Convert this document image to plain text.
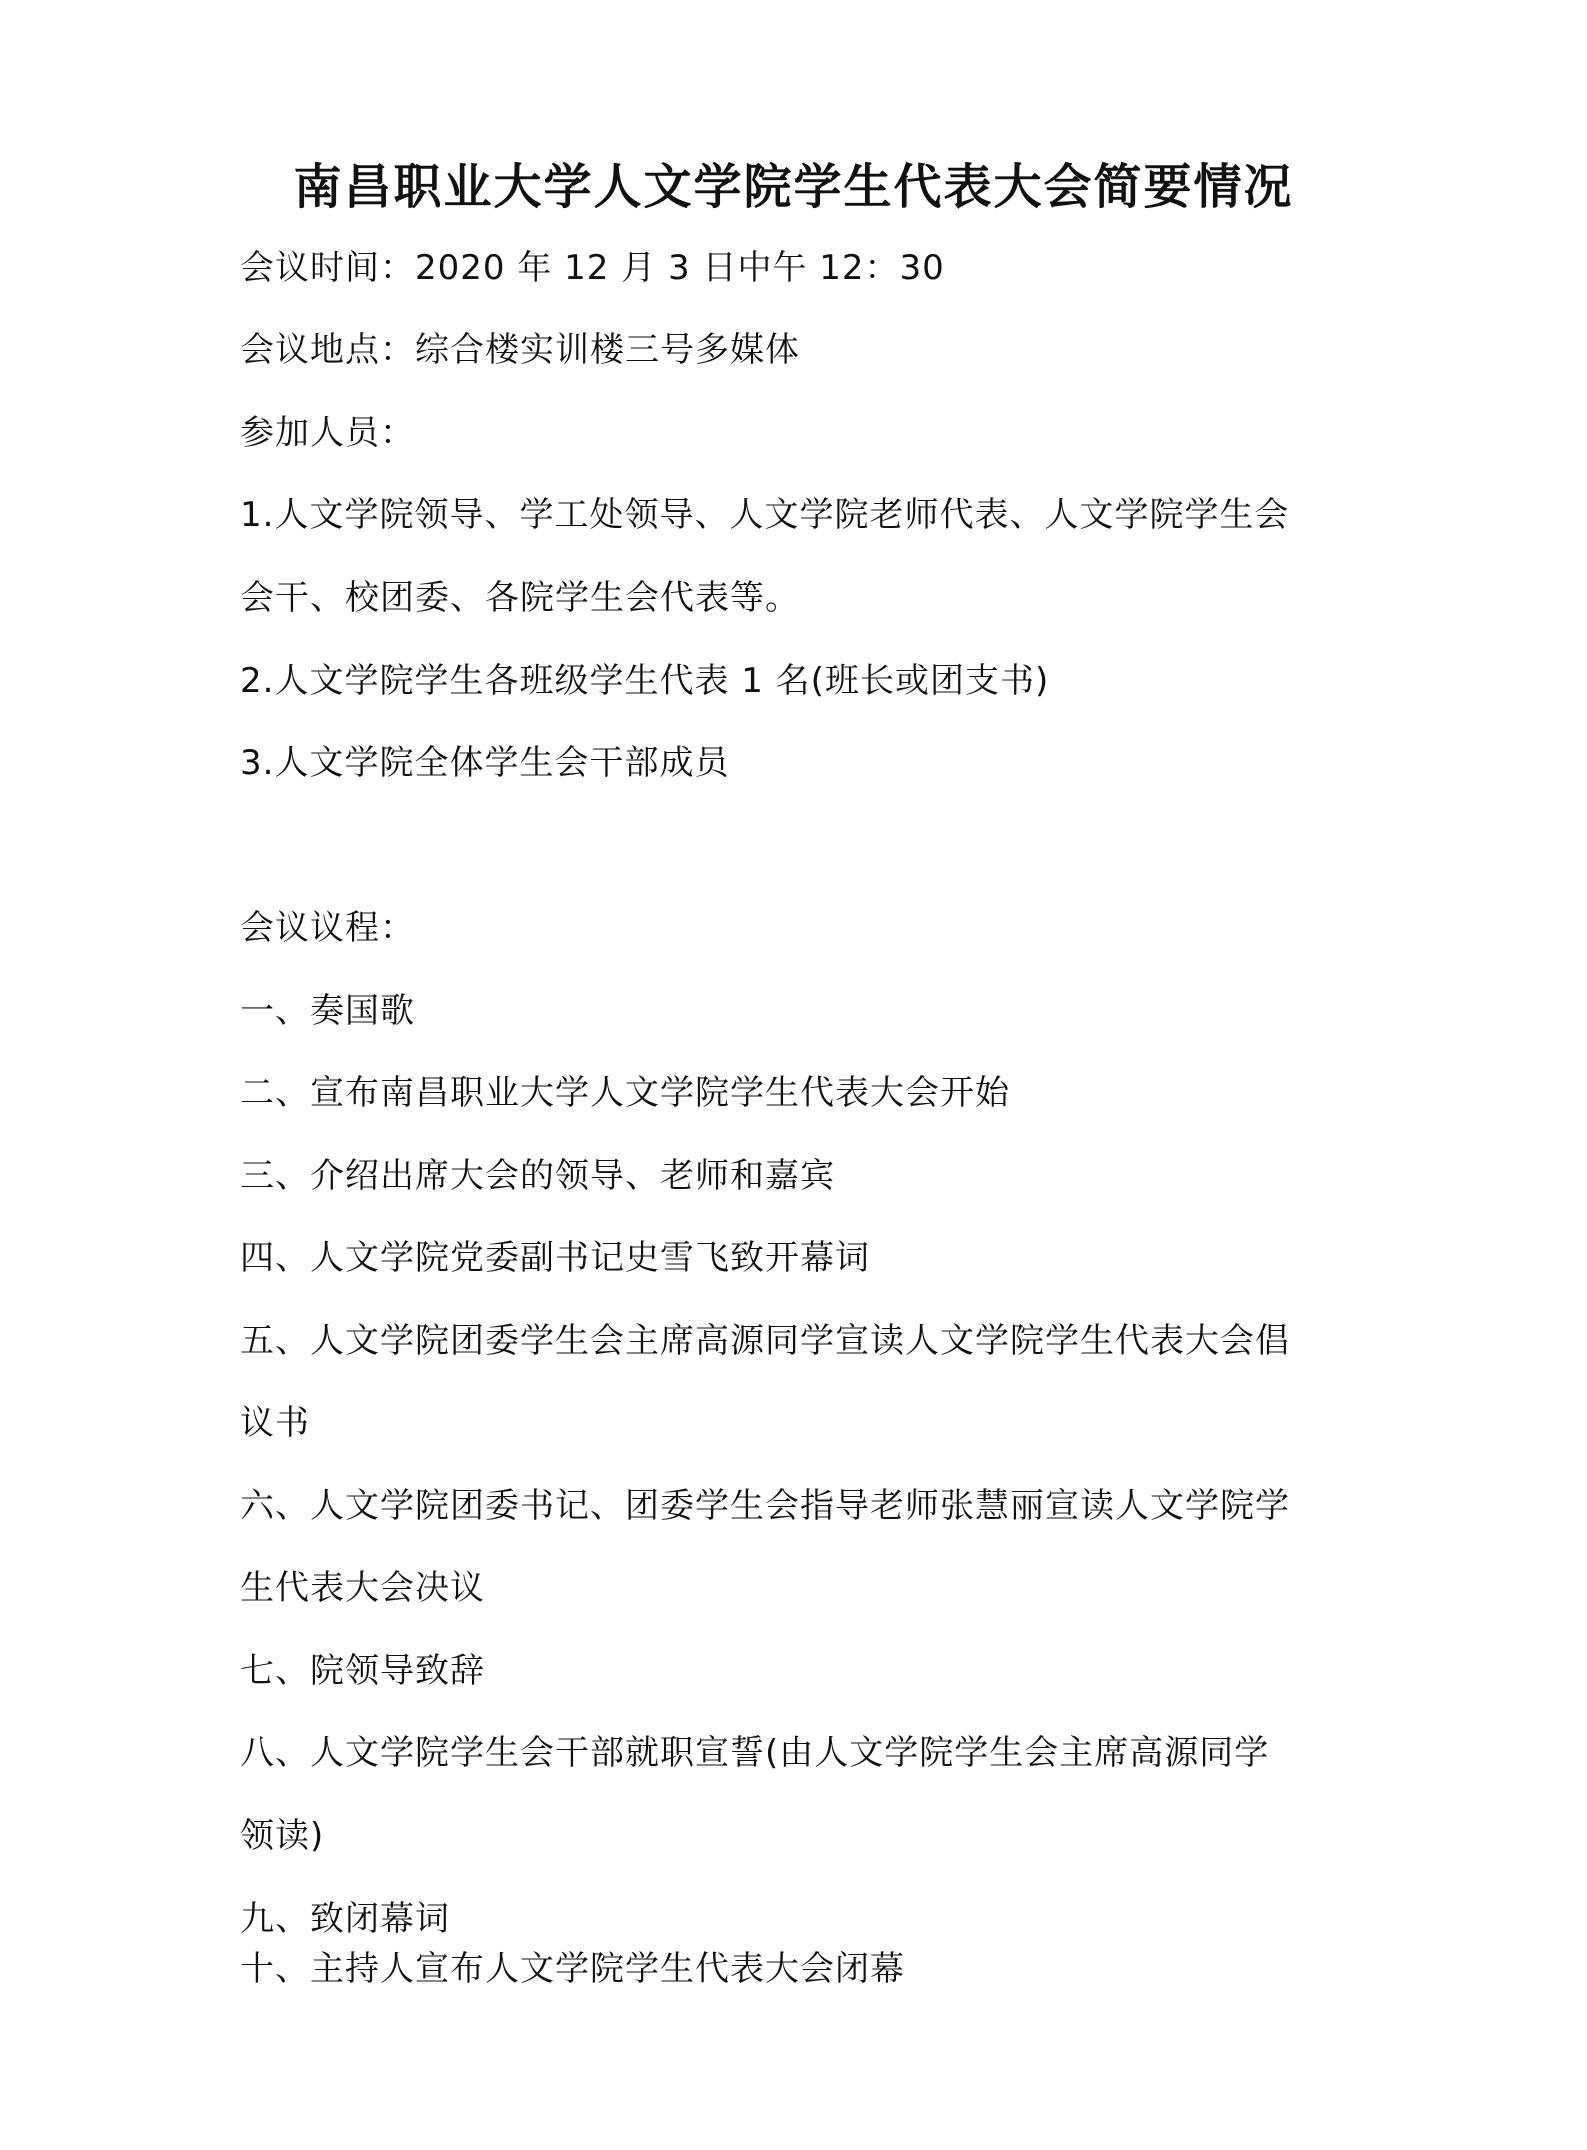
南昌职业大学人文学院学生代表大会简要情况
会议时间：2020 年 12 月 3 日中午 12：30
会议地点：综合楼实训楼三号多媒体
参加人员：
1.人文学院领导、学工处领导、人文学院老师代表、人文学院学生会
会干、校团委、各院学生会代表等。
2.人文学院学生各班级学生代表 1 名(班长或团支书)
3.人文学院全体学生会干部成员
会议议程：
一、奏国歌
二、宣布南昌职业大学人文学院学生代表大会开始
三、介绍出席大会的领导、老师和嘉宾
四、人文学院党委副书记史雪飞致开幕词
五、人文学院团委学生会主席高源同学宣读人文学院学生代表大会倡
议书
六、人文学院团委书记、团委学生会指导老师张慧丽宣读人文学院学
生代表大会决议
七、院领导致辞
八、人文学院学生会干部就职宣誓(由人文学院学生会主席高源同学
领读)
九、致闭幕词
十、主持人宣布人文学院学生代表大会闭幕
